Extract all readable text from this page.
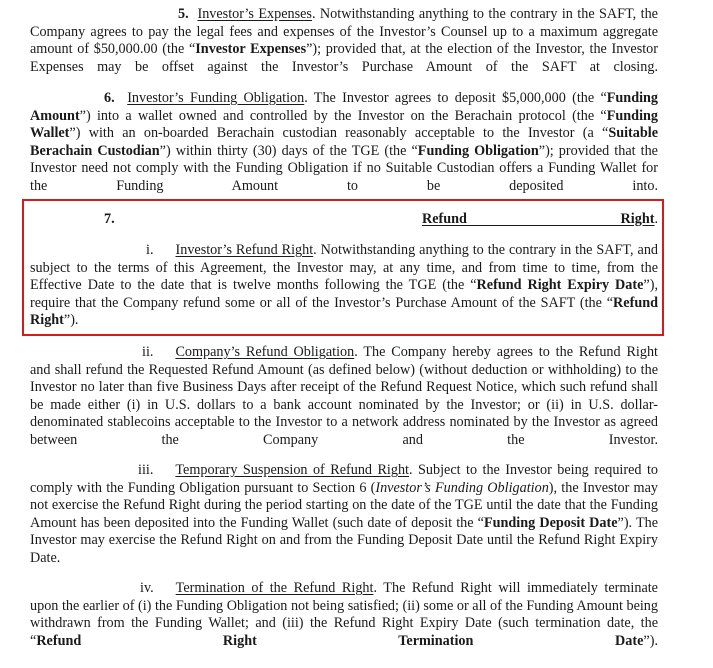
5. Investor’s Expenses. Notwithstanding anything to the contrary in the SAFT, the Company agrees to pay the legal fees and expenses of the Investor’s Counsel up to a maximum aggregate amount of $50,000.00 (the “Investor Expenses”); provided that, at the election of the Investor, the Investor Expenses may be offset against the Investor’s Purchase Amount of the SAFT at closing.

6. Investor’s Funding Obligation. The Investor agrees to deposit $5,000,000 (the “Funding Amount”) into a wallet owned and controlled by the Investor on the Berachain protocol (the “Funding Wallet”) with an on-boarded Berachain custodian reasonably acceptable to the Investor (a “Suitable Berachain Custodian”) within thirty (30) days of the TGE (the “Funding Obligation”); provided that the Investor need not comply with the Funding Obligation if no Suitable Custodian offers a Funding Wallet for the Funding Amount to be deposited into.

7.	Refund Right.

i. Investor’s Refund Right. Notwithstanding anything to the contrary in the SAFT, and subject to the terms of this Agreement, the Investor may, at any time, and from time to time, from the Effective Date to the date that is twelve months following the TGE (the “Refund Right Expiry Date”), require that the Company refund some or all of the Investor’s Purchase Amount of the SAFT (the “Refund Right”).

ii. Company’s Refund Obligation. The Company hereby agrees to the Refund Right and shall refund the Requested Refund Amount (as defined below) (without deduction or withholding) to the Investor no later than five Business Days after receipt of the Refund Request Notice, which such refund shall be made either (i) in U.S. dollars to a bank account nominated by the Investor; or (ii) in U.S. dollar-denominated stablecoins acceptable to the Investor to a network address nominated by the Investor as agreed between the Company and the Investor.

iii. Temporary Suspension of Refund Right. Subject to the Investor being required to comply with the Funding Obligation pursuant to Section 6 (Investor’s Funding Obligation), the Investor may not exercise the Refund Right during the period starting on the date of the TGE until the date that the Funding Amount has been deposited into the Funding Wallet (such date of deposit the “Funding Deposit Date”). The Investor may exercise the Refund Right on and from the Funding Deposit Date until the Refund Right Expiry Date.

iv. Termination of the Refund Right. The Refund Right will immediately terminate upon the earlier of (i) the Funding Obligation not being satisfied; (ii) some or all of the Funding Amount being withdrawn from the Funding Wallet; and (iii) the Refund Right Expiry Date (such termination date, the “Refund Right Termination Date”).
